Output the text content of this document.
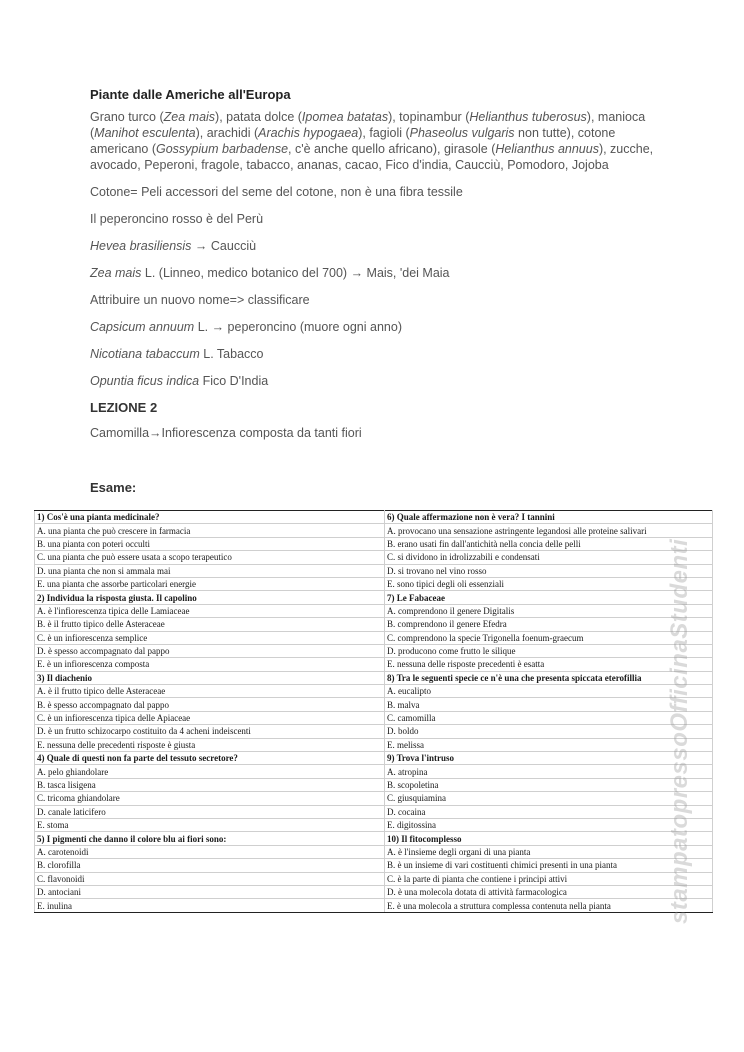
Piante dalle Americhe all'Europa
Grano turco (Zea mais), patata dolce (Ipomea batatas), topinambur (Helianthus tuberosus), manioca (Manihot esculenta), arachidi (Arachis hypogaea), fagioli (Phaseolus vulgaris non tutte), cotone americano (Gossypium barbadense, c'è anche quello africano), girasole (Helianthus annuus), zucche, avocado, Peperoni, fragole, tabacco, ananas, cacao, Fico d'india, Caucciù, Pomodoro, Jojoba
Cotone= Peli accessori del seme del cotone, non è una fibra tessile
Il peperoncino rosso è del Perù
Hevea brasiliensis → Caucciù
Zea mais L. (Linneo, medico botanico del 700) → Mais, 'dei Maia
Attribuire un nuovo nome=> classificare
Capsicum annuum L. → peperoncino (muore ogni anno)
Nicotiana tabaccum L. Tabacco
Opuntia ficus indica Fico D'India
LEZIONE 2
Camomilla→Infiorescenza composta da tanti fiori
Esame:
1) Cos'è una pianta medicinale?	6) Quale affermazione non è vera? I tannini
A. una pianta che può crescere in farmacia	A. provocano una sensazione astringente legandosi alle proteine salivari
B. una pianta con poteri occulti	B. erano usati fin dall'antichità nella concia delle pelli
C. una pianta che può essere usata a scopo terapeutico	C. si dividono in idrolizzabili e condensati
D. una pianta che non si ammala mai	D. si trovano nel vino rosso
E. una pianta che assorbe particolari energie	E. sono tipici degli oli essenziali
2) Individua la risposta giusta. Il capolino	7) Le Fabaceae
A. è l'infiorescenza tipica delle Lamiaceae	A. comprendono il genere Digitalis
B. è il frutto tipico delle Asteraceae	B. comprendono il genere Efedra
C. è un infiorescenza semplice	C. comprendono la specie Trigonella foenum-graecum
D. è spesso accompagnato dal pappo	D. producono come frutto le silique
E. è un infiorescenza composta	E. nessuna delle risposte precedenti è esatta
3) Il diachenio	8) Tra le seguenti specie ce n'è una che presenta spiccata eterofillia
A. è il frutto tipico delle Asteraceae	A. eucalipto
B. è spesso accompagnato dal pappo	B. malva
C. è un infiorescenza tipica delle Apiaceae	C. camomilla
D. è un frutto schizocarpo costituito da 4 acheni indeiscenti	D. boldo
E. nessuna delle precedenti risposte è giusta	E. melissa
4) Quale di questi non fa parte del tessuto secretore?	9) Trova l'intruso
A. pelo ghiandolare	A. atropina
B. tasca lisigena	B. scopoletina
C. tricoma ghiandolare	C. giusquiamina
D. canale laticifero	D. cocaina
E. stoma	E. digitossina
5) I pigmenti che danno il colore blu ai fiori sono:	10) Il fitocomplesso
A. carotenoidi	A. è l'insieme degli organi di una pianta
B. clorofilla	B. è un insieme di vari costituenti chimici presenti in una pianta
C. flavonoidi	C. è la parte di pianta che contiene i principi attivi
D. antociani	D. è una molecola dotata di attività farmacologica
E. inulina	E. è una molecola a struttura complessa contenuta nella pianta stampatopressoOfficinaStudenti
